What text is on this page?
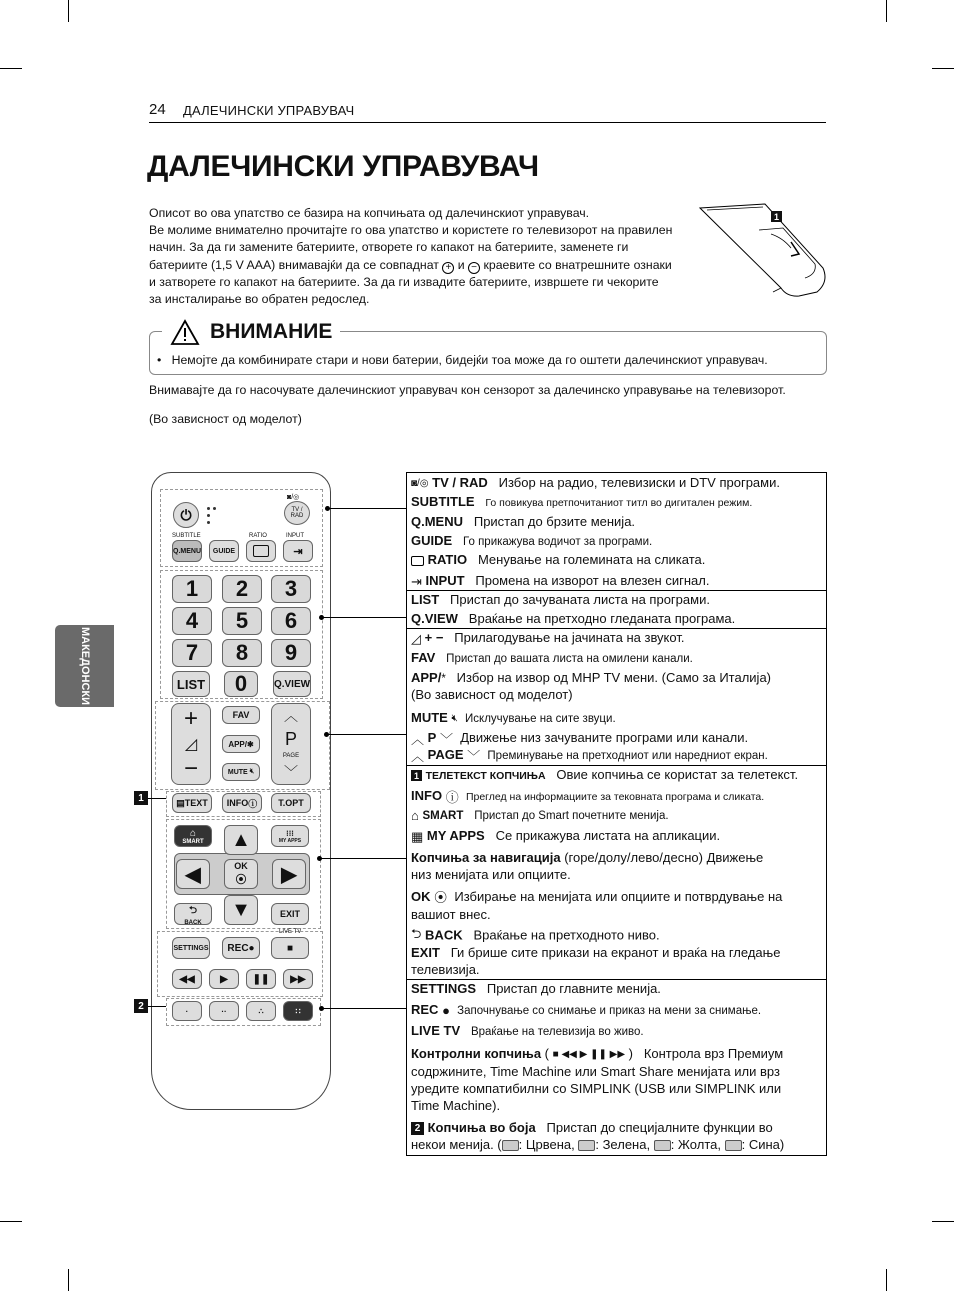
24 ДАЛЕЧИНСКИ УПРАВУВАЧ
ДАЛЕЧИНСКИ УПРАВУВАЧ
Описот во ова упатство се базира на копчињата од далечинскиот управувач.
Ве молиме внимателно прочитајте го ова упатство и користете го телевизорот на правилен
начин. За да ги замените батериите, отворете го капакот на батериите, заменете ги
батериите (1,5 V AAA) внимавајќи да се совпаднат + и − краевите со внатрешните ознаки
и затворете го капакот на батериите. За да ги извадите батериите, извршете ги чекорите
за инсталирање во обратен редослед.
1
ВНИМАНИЕ
• Немојте да комбинирате стари и нови батерии, бидејќи тоа може да го оштети далечинскиот управувач.
Внимавајте да го насочувате далечинскиот управувач кон сензорот за далечинско управување на телевизорот.
(Во зависност од моделот)
МАКЕДОНСКИ
⏻
◙/◎
TV / RAD
SUBTITLE	RATIO	INPUT
Q.MENU	GUIDE	⇥
LIST	0	Q.VIEW
+
◿
−
FAV
APP/✱
MUTE
🔇︎
︿
P
PAGE
﹀
▤ TEXT INFO ⓘ	T.OPT
⌂
SMART
⁝⁝⁝
MY APPS
▲
◀	OK
⦿	▶
▼
⮌
BACK
EXIT
LIVE TV
SETTINGS	REC●	■
◀◀	▶ ❚❚ ▶▶
·	··	∴	∷
1	2	3
4	5	6
7	8	9
1
2
◙/◎ TV / RAD Избор на радио, телевизиски и DTV програми.
SUBTITLE Го повикува претпочитаниот титл во дигитален режим.
Q.MENU Пристап до брзите менија.
GUIDE Го прикажува водичот за програми.
RATIO Менување на големината на сликата.
⇥ INPUT Промена на изворот на влезен сигнал.
LIST Пристап до зачуваната листа на програми.
Q.VIEW Враќање на претходно гледаната програма.
◿ + − Прилагодување на јачината на звукот.
FAV Пристап до вашата листа на омилени канали.
APP/* Избор на извор од MHP TV мени. (Само за Италија)
(Во зависност од моделот)
MUTE 🔇︎ Исклучување на сите звуци.
︿ P ﹀ Движење низ зачуваните програми или канали.
︿ PAGE ﹀ Преминување на претходниот или наредниот екран.
1 ТЕЛЕТЕКСТ КОПЧИЊА Овие копчиња се користат за телетекст.
INFO ⓘ Преглед на информациите за тековната програма и сликата.
⌂ SMART Пристап до Smart почетните менија.
▦ MY APPS Се прикажува листата на апликации.
Копчиња за навигација (горе/долу/лево/десно) Движење
низ менијата или опциите.
OK ⦿ Избирање на менијата или опциите и потврдување на
вашиот внес.
⮌ BACK Враќање на претходното ниво.
EXIT Ги брише сите прикази на екранот и враќа на гледање
телевизија.
SETTINGS Пристап до главните менија.
REC ● Започнување со снимање и приказ на мени за снимање.
LIVE TV Враќање на телевизија во живо.
Контролни копчиња ( ■ ◀◀ ▶ ❚❚ ▶▶ ) Контрола врз Премиум
содржините, Time Machine или Smart Share менијата или врз
уредите компатибилни со SIMPLINK (USB или SIMPLINK или
Time Machine).
2 Копчиња во боја Пристап до специјалните функции во
некои менија. ( : Црвена, : Зелена, : Жолта, : Сина)
